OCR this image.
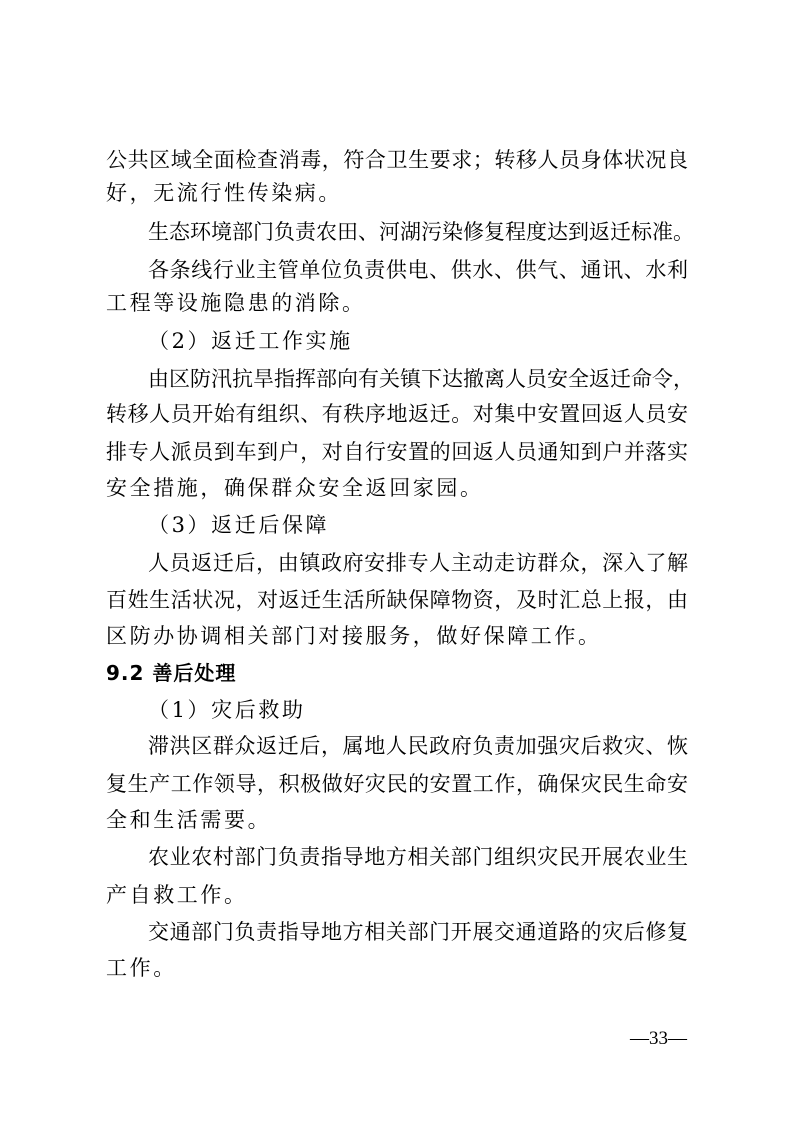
公共区域全面检查消毒，符合卫生要求；转移人员身体状况良
好，无流行性传染病。
生态环境部门负责农田、河湖污染修复程度达到返迁标准。
各条线行业主管单位负责供电、供水、供气、通讯、水利
工程等设施隐患的消除。
（2）返迁工作实施
由区防汛抗旱指挥部向有关镇下达撤离人员安全返迁命令，
转移人员开始有组织、有秩序地返迁。对集中安置回返人员安
排专人派员到车到户，对自行安置的回返人员通知到户并落实
安全措施，确保群众安全返回家园。
（3）返迁后保障
人员返迁后，由镇政府安排专人主动走访群众，深入了解
百姓生活状况，对返迁生活所缺保障物资，及时汇总上报，由
区防办协调相关部门对接服务，做好保障工作。
9.2 善后处理
（1）灾后救助
滞洪区群众返迁后，属地人民政府负责加强灾后救灾、恢
复生产工作领导，积极做好灾民的安置工作，确保灾民生命安
全和生活需要。
农业农村部门负责指导地方相关部门组织灾民开展农业生
产自救工作。
交通部门负责指导地方相关部门开展交通道路的灾后修复
工作。
—33—
